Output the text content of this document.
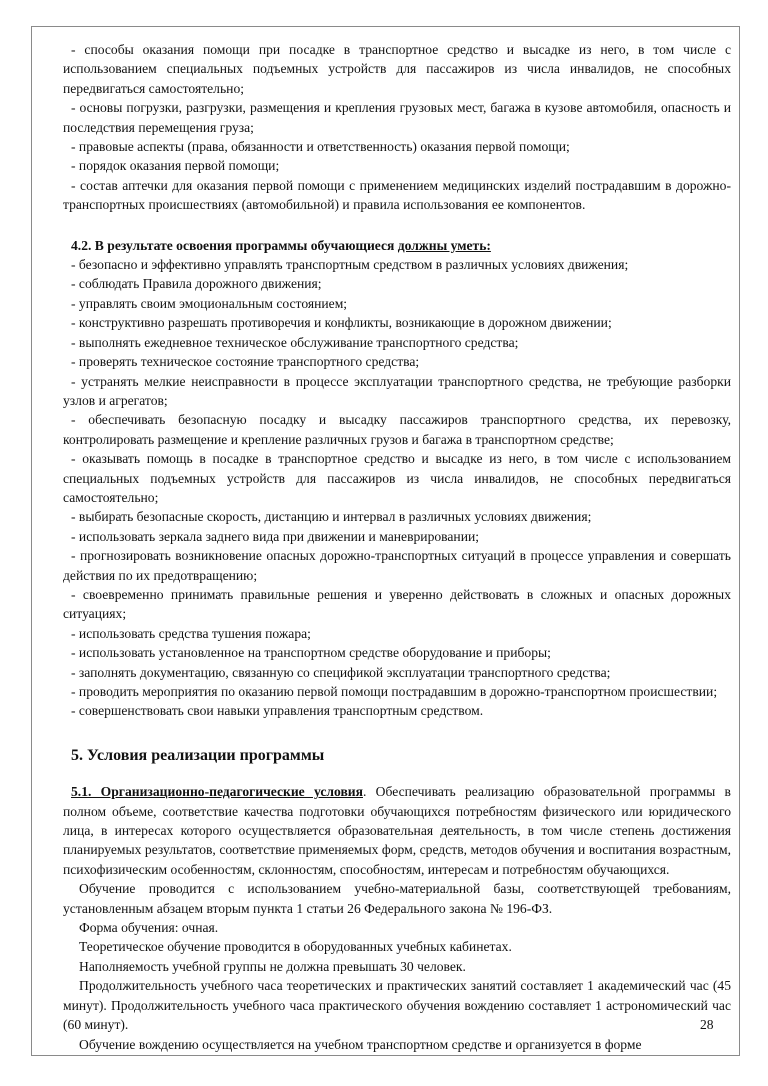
- способы оказания помощи при посадке в транспортное средство и высадке из него, в том числе с использованием специальных подъемных устройств для пассажиров из числа инвалидов, не способных передвигаться самостоятельно;

- основы погрузки, разгрузки, размещения и крепления грузовых мест, багажа в кузове автомобиля, опасность и последствия перемещения груза;

- правовые аспекты (права, обязанности и ответственность) оказания первой помощи;

- порядок оказания первой помощи;

- состав аптечки для оказания первой помощи с применением медицинских изделий пострадавшим в дорожно-транспортных происшествиях (автомобильной) и правила использования ее компонентов.

4.2. В результате освоения программы обучающиеся должны уметь:

- безопасно и эффективно управлять транспортным средством в различных условиях движения;

- соблюдать Правила дорожного движения;

- управлять своим эмоциональным состоянием;

- конструктивно разрешать противоречия и конфликты, возникающие в дорожном движении;

- выполнять ежедневное техническое обслуживание транспортного средства;

- проверять техническое состояние транспортного средства;

- устранять мелкие неисправности в процессе эксплуатации транспортного средства, не требующие разборки узлов и агрегатов;

- обеспечивать безопасную посадку и высадку пассажиров транспортного средства, их перевозку, контролировать размещение и крепление различных грузов и багажа в транспортном средстве;

- оказывать помощь в посадке в транспортное средство и высадке из него, в том числе с использованием специальных подъемных устройств для пассажиров из числа инвалидов, не способных передвигаться самостоятельно;

- выбирать безопасные скорость, дистанцию и интервал в различных условиях движения;

- использовать зеркала заднего вида при движении и маневрировании;

- прогнозировать возникновение опасных дорожно-транспортных ситуаций в процессе управления и совершать действия по их предотвращению;

- своевременно принимать правильные решения и уверенно действовать в сложных и опасных дорожных ситуациях;

- использовать средства тушения пожара;

- использовать установленное на транспортном средстве оборудование и приборы;

- заполнять документацию, связанную со спецификой эксплуатации транспортного средства;

- проводить мероприятия по оказанию первой помощи пострадавшим в дорожно-транспортном происшествии;

- совершенствовать свои навыки управления транспортным средством.

5. Условия реализации программы

5.1. Организационно-педагогические условия. Обеспечивать реализацию образовательной программы в полном объеме, соответствие качества подготовки обучающихся потребностям физического или юридического лица, в интересах которого осуществляется образовательная деятельность, в том числе степень достижения планируемых результатов, соответствие применяемых форм, средств, методов обучения и воспитания возрастным, психофизическим особенностям, склонностям, способностям, интересам и потребностям обучающихся.

Обучение проводится с использованием учебно-материальной базы, соответствующей требованиям, установленным абзацем вторым пункта 1 статьи 26 Федерального закона № 196-ФЗ.

Форма обучения: очная.

Теоретическое обучение проводится в оборудованных учебных кабинетах.

Наполняемость учебной группы не должна превышать 30 человек.

Продолжительность учебного часа теоретических и практических занятий составляет 1 академический час (45 минут). Продолжительность учебного часа практического обучения вождению составляет 1 астрономический час (60 минут).

Обучение вождению осуществляется на учебном транспортном средстве и организуется в форме

28
